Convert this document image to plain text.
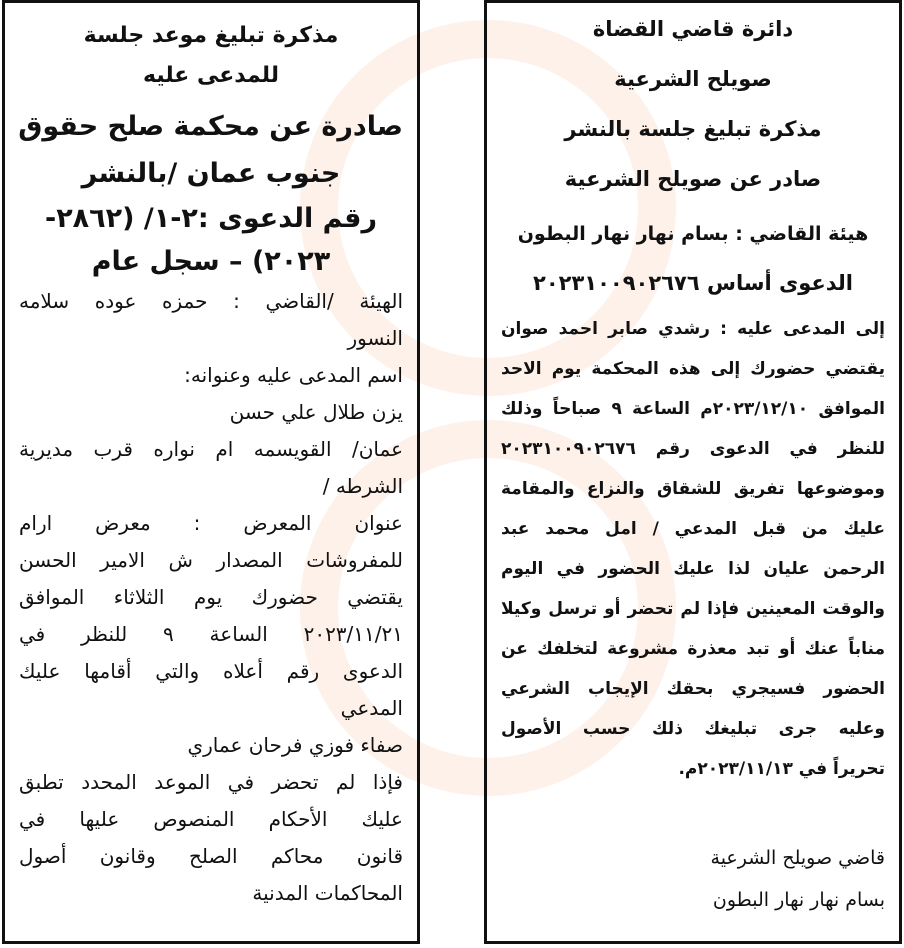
دائرة قاضي القضاة
صويلح الشرعية
مذكرة تبليغ جلسة بالنشر
صادر عن صويلح الشرعية
هيئة القاضي : بسام نهار نهار البطون
الدعوى أساس ٢٠٢٣١٠٠٩٠٢٦٧٦
إلى المدعى عليه : رشدي صابر احمد صوان
يقتضي حضورك إلى هذه المحكمة يوم الاحد
الموافق ٢٠٢٣/١٢/١٠م الساعة ٩ صباحاً وذلك
للنظر في الدعوى رقم ٢٠٢٣١٠٠٩٠٢٦٧٦
وموضوعها تفريق للشقاق والنزاع والمقامة
عليك من قبل المدعي / امل محمد عبد
الرحمن عليان لذا عليك الحضور في اليوم
والوقت المعينين فإذا لم تحضر أو ترسل وكيلا
مناباً عنك أو تبد معذرة مشروعة لتخلفك عن
الحضور فسيجري بحقك الإيجاب الشرعي
وعليه جرى تبليغك ذلك حسب الأصول
تحريراً في ٢٠٢٣/١١/١٣م.
قاضي صويلح الشرعية
بسام نهار نهار البطون
مذكرة تبليغ موعد جلسة
للمدعى عليه
صادرة عن محكمة صلح حقوق
جنوب عمان /بالنشر
رقم الدعوى :٢-١/ (٢٨٦٢-
٢٠٢٣) – سجل عام
الهيئة /القاضي : حمزه عوده سلامه
النسور
اسم المدعى عليه وعنوانه:
يزن طلال علي حسن
عمان/ القويسمه ام نواره قرب مديرية
الشرطه /
عنوان المعرض : معرض ارام
للمفروشات المصدار ش الامير الحسن
يقتضي حضورك يوم الثلاثاء الموافق
٢٠٢٣/١١/٢١ الساعة ٩ للنظر في
الدعوى رقم أعلاه والتي أقامها عليك
المدعي
صفاء فوزي فرحان عماري
فإذا لم تحضر في الموعد المحدد تطبق
عليك الأحكام المنصوص عليها في
قانون محاكم الصلح وقانون أصول
المحاكمات المدنية
